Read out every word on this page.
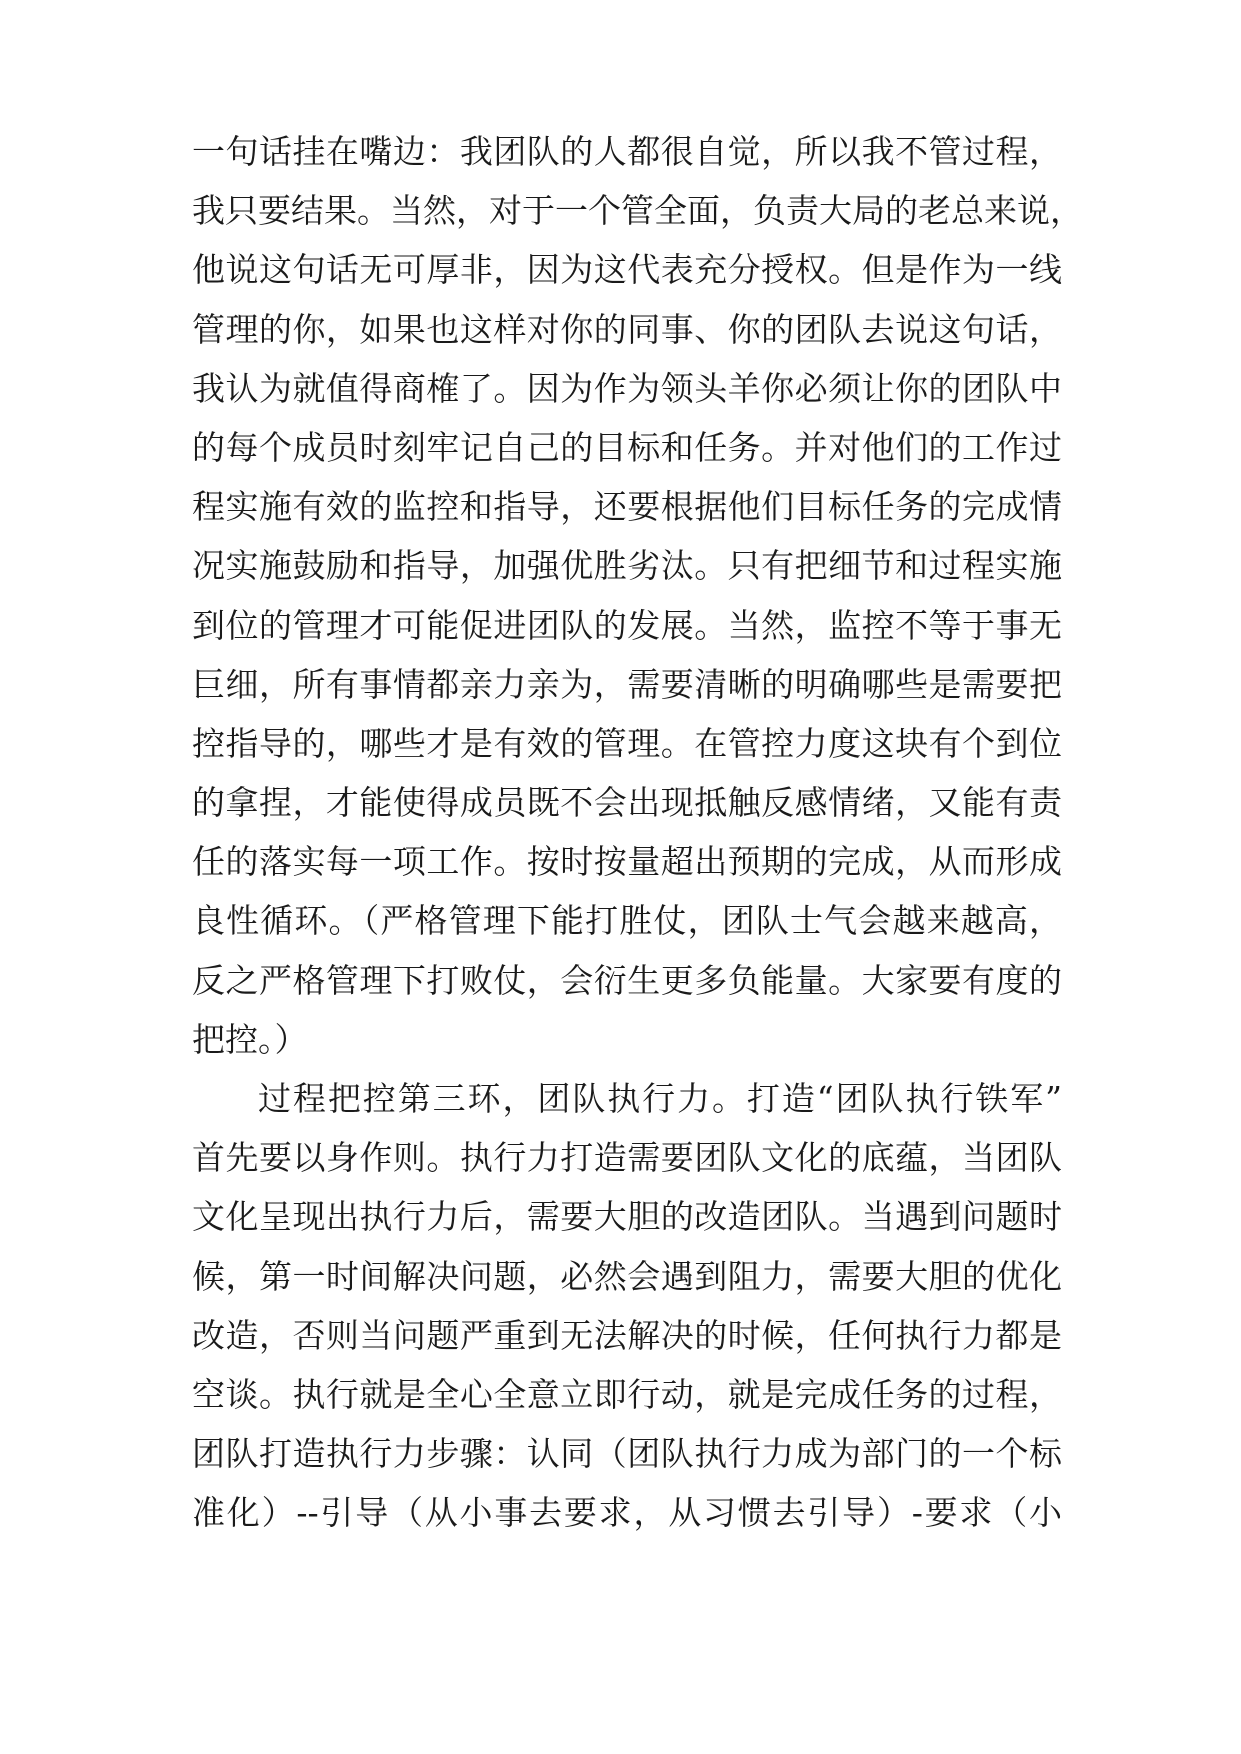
一句话挂在嘴边：我团队的人都很自觉，所以我不管过程，
我只要结果。当然，对于一个管全面，负责大局的老总来说，
他说这句话无可厚非，因为这代表充分授权。但是作为一线
管理的你，如果也这样对你的同事、你的团队去说这句话，
我认为就值得商榷了。因为作为领头羊你必须让你的团队中
的每个成员时刻牢记自己的目标和任务。并对他们的工作过
程实施有效的监控和指导，还要根据他们目标任务的完成情
况实施鼓励和指导，加强优胜劣汰。只有把细节和过程实施
到位的管理才可能促进团队的发展。当然，监控不等于事无
巨细，所有事情都亲力亲为，需要清晰的明确哪些是需要把
控指导的，哪些才是有效的管理。在管控力度这块有个到位
的拿捏，才能使得成员既不会出现抵触反感情绪，又能有责
任的落实每一项工作。按时按量超出预期的完成，从而形成
良性循环。（严格管理下能打胜仗，团队士气会越来越高，
反之严格管理下打败仗，会衍生更多负能量。大家要有度的
把控。）
过程把控第三环，团队执行力。打造“团队执行铁军”
首先要以身作则。执行力打造需要团队文化的底蕴，当团队
文化呈现出执行力后，需要大胆的改造团队。当遇到问题时
候，第一时间解决问题，必然会遇到阻力，需要大胆的优化
改造，否则当问题严重到无法解决的时候，任何执行力都是
空谈。执行就是全心全意立即行动，就是完成任务的过程，
团队打造执行力步骤：认同（团队执行力成为部门的一个标
准化）--引导（从小事去要求，从习惯去引导）-要求（小
